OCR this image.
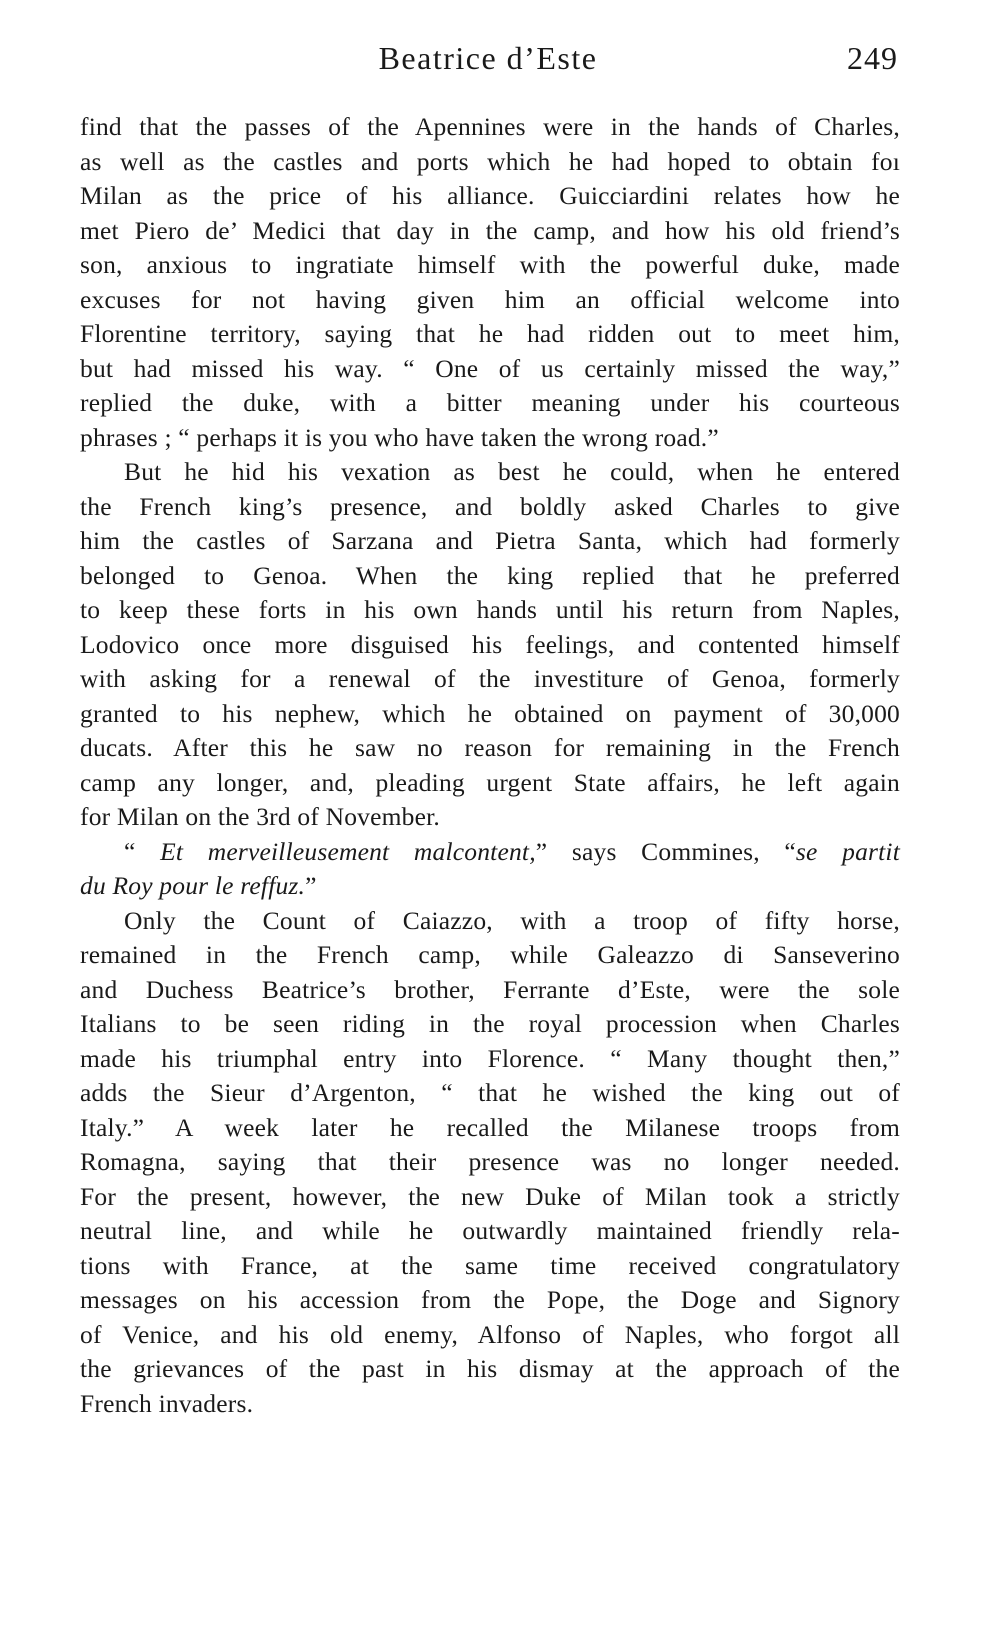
Beatrice d’Este	249
find that the passes of the Apennines were in the hands of Charles,
as well as the castles and ports which he had hoped to obtain foı
Milan as the price of his alliance. Guicciardini relates how he
met Piero de’ Medici that day in the camp, and how his old friend’s
son, anxious to ingratiate himself with the powerful duke, made
excuses for not having given him an official welcome into
Florentine territory, saying that he had ridden out to meet him,
but had missed his way. “ One of us certainly missed the way,”
replied the duke, with a bitter meaning under his courteous
phrases ; “ perhaps it is you who have taken the wrong road.”
But he hid his vexation as best he could, when he entered
the French king’s presence, and boldly asked Charles to give
him the castles of Sarzana and Pietra Santa, which had formerly
belonged to Genoa. When the king replied that he preferred
to keep these forts in his own hands until his return from Naples,
Lodovico once more disguised his feelings, and contented himself
with asking for a renewal of the investiture of Genoa, formerly
granted to his nephew, which he obtained on payment of 30,000
ducats. After this he saw no reason for remaining in the French
camp any longer, and, pleading urgent State affairs, he left again
for Milan on the 3rd of November.
“ Et merveilleusement malcontent,” says Commines, “se partit
du Roy pour le reffuz.”
Only the Count of Caiazzo, with a troop of fifty horse,
remained in the French camp, while Galeazzo di Sanseverino
and Duchess Beatrice’s brother, Ferrante d’Este, were the sole
Italians to be seen riding in the royal procession when Charles
made his triumphal entry into Florence. “ Many thought then,”
adds the Sieur d’Argenton, “ that he wished the king out of
Italy.” A week later he recalled the Milanese troops from
Romagna, saying that their presence was no longer needed.
For the present, however, the new Duke of Milan took a strictly
neutral line, and while he outwardly maintained friendly rela-
tions with France, at the same time received congratulatory
messages on his accession from the Pope, the Doge and Signory
of Venice, and his old enemy, Alfonso of Naples, who forgot all
the grievances of the past in his dismay at the approach of the
French invaders.
